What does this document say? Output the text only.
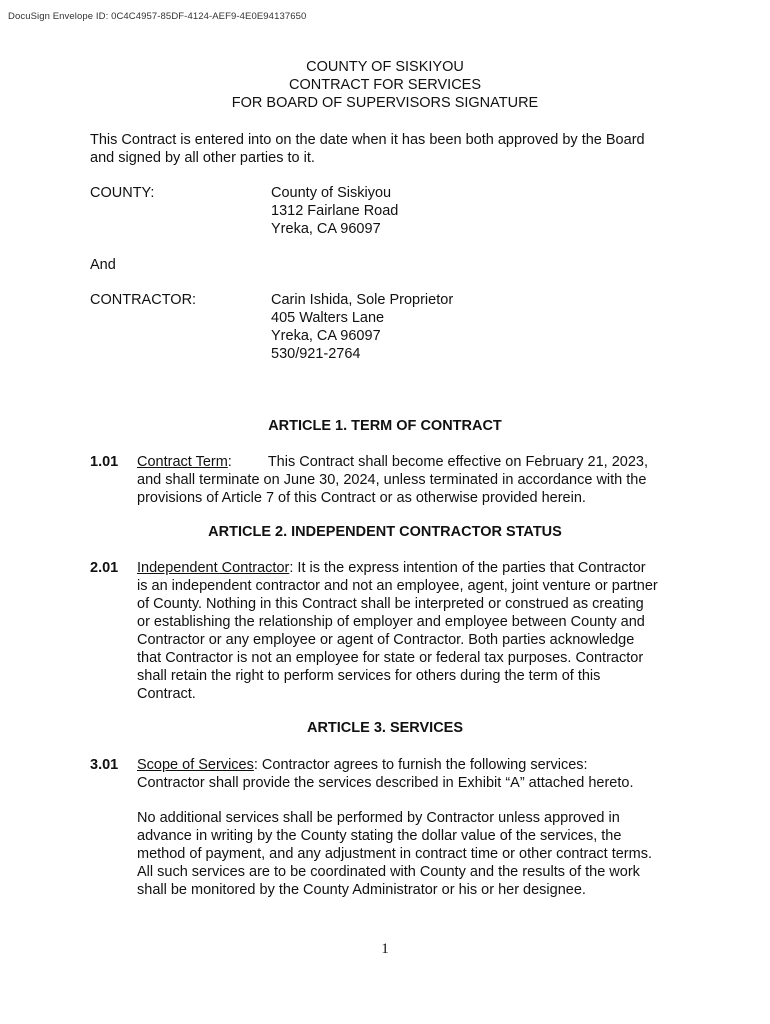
DocuSign Envelope ID: 0C4C4957-85DF-4124-AEF9-4E0E94137650
COUNTY OF SISKIYOU
CONTRACT FOR SERVICES
FOR BOARD OF SUPERVISORS SIGNATURE
This Contract is entered into on the date when it has been both approved by the Board
and signed by all other parties to it.
COUNTY:	County of Siskiyou
1312 Fairlane Road
Yreka, CA 96097
And
CONTRACTOR:	Carin Ishida, Sole Proprietor
405 Walters Lane
Yreka, CA 96097
530/921-2764
ARTICLE 1. TERM OF CONTRACT
1.01 Contract Term: This Contract shall become effective on February 21, 2023,
and shall terminate on June 30, 2024, unless terminated in accordance with the
provisions of Article 7 of this Contract or as otherwise provided herein.
ARTICLE 2. INDEPENDENT CONTRACTOR STATUS
2.01 Independent Contractor: It is the express intention of the parties that Contractor
is an independent contractor and not an employee, agent, joint venture or partner
of County. Nothing in this Contract shall be interpreted or construed as creating
or establishing the relationship of employer and employee between County and
Contractor or any employee or agent of Contractor. Both parties acknowledge
that Contractor is not an employee for state or federal tax purposes. Contractor
shall retain the right to perform services for others during the term of this
Contract.
ARTICLE 3. SERVICES
3.01 Scope of Services: Contractor agrees to furnish the following services:
Contractor shall provide the services described in Exhibit “A” attached hereto.
No additional services shall be performed by Contractor unless approved in
advance in writing by the County stating the dollar value of the services, the
method of payment, and any adjustment in contract time or other contract terms.
All such services are to be coordinated with County and the results of the work
shall be monitored by the County Administrator or his or her designee.
1
